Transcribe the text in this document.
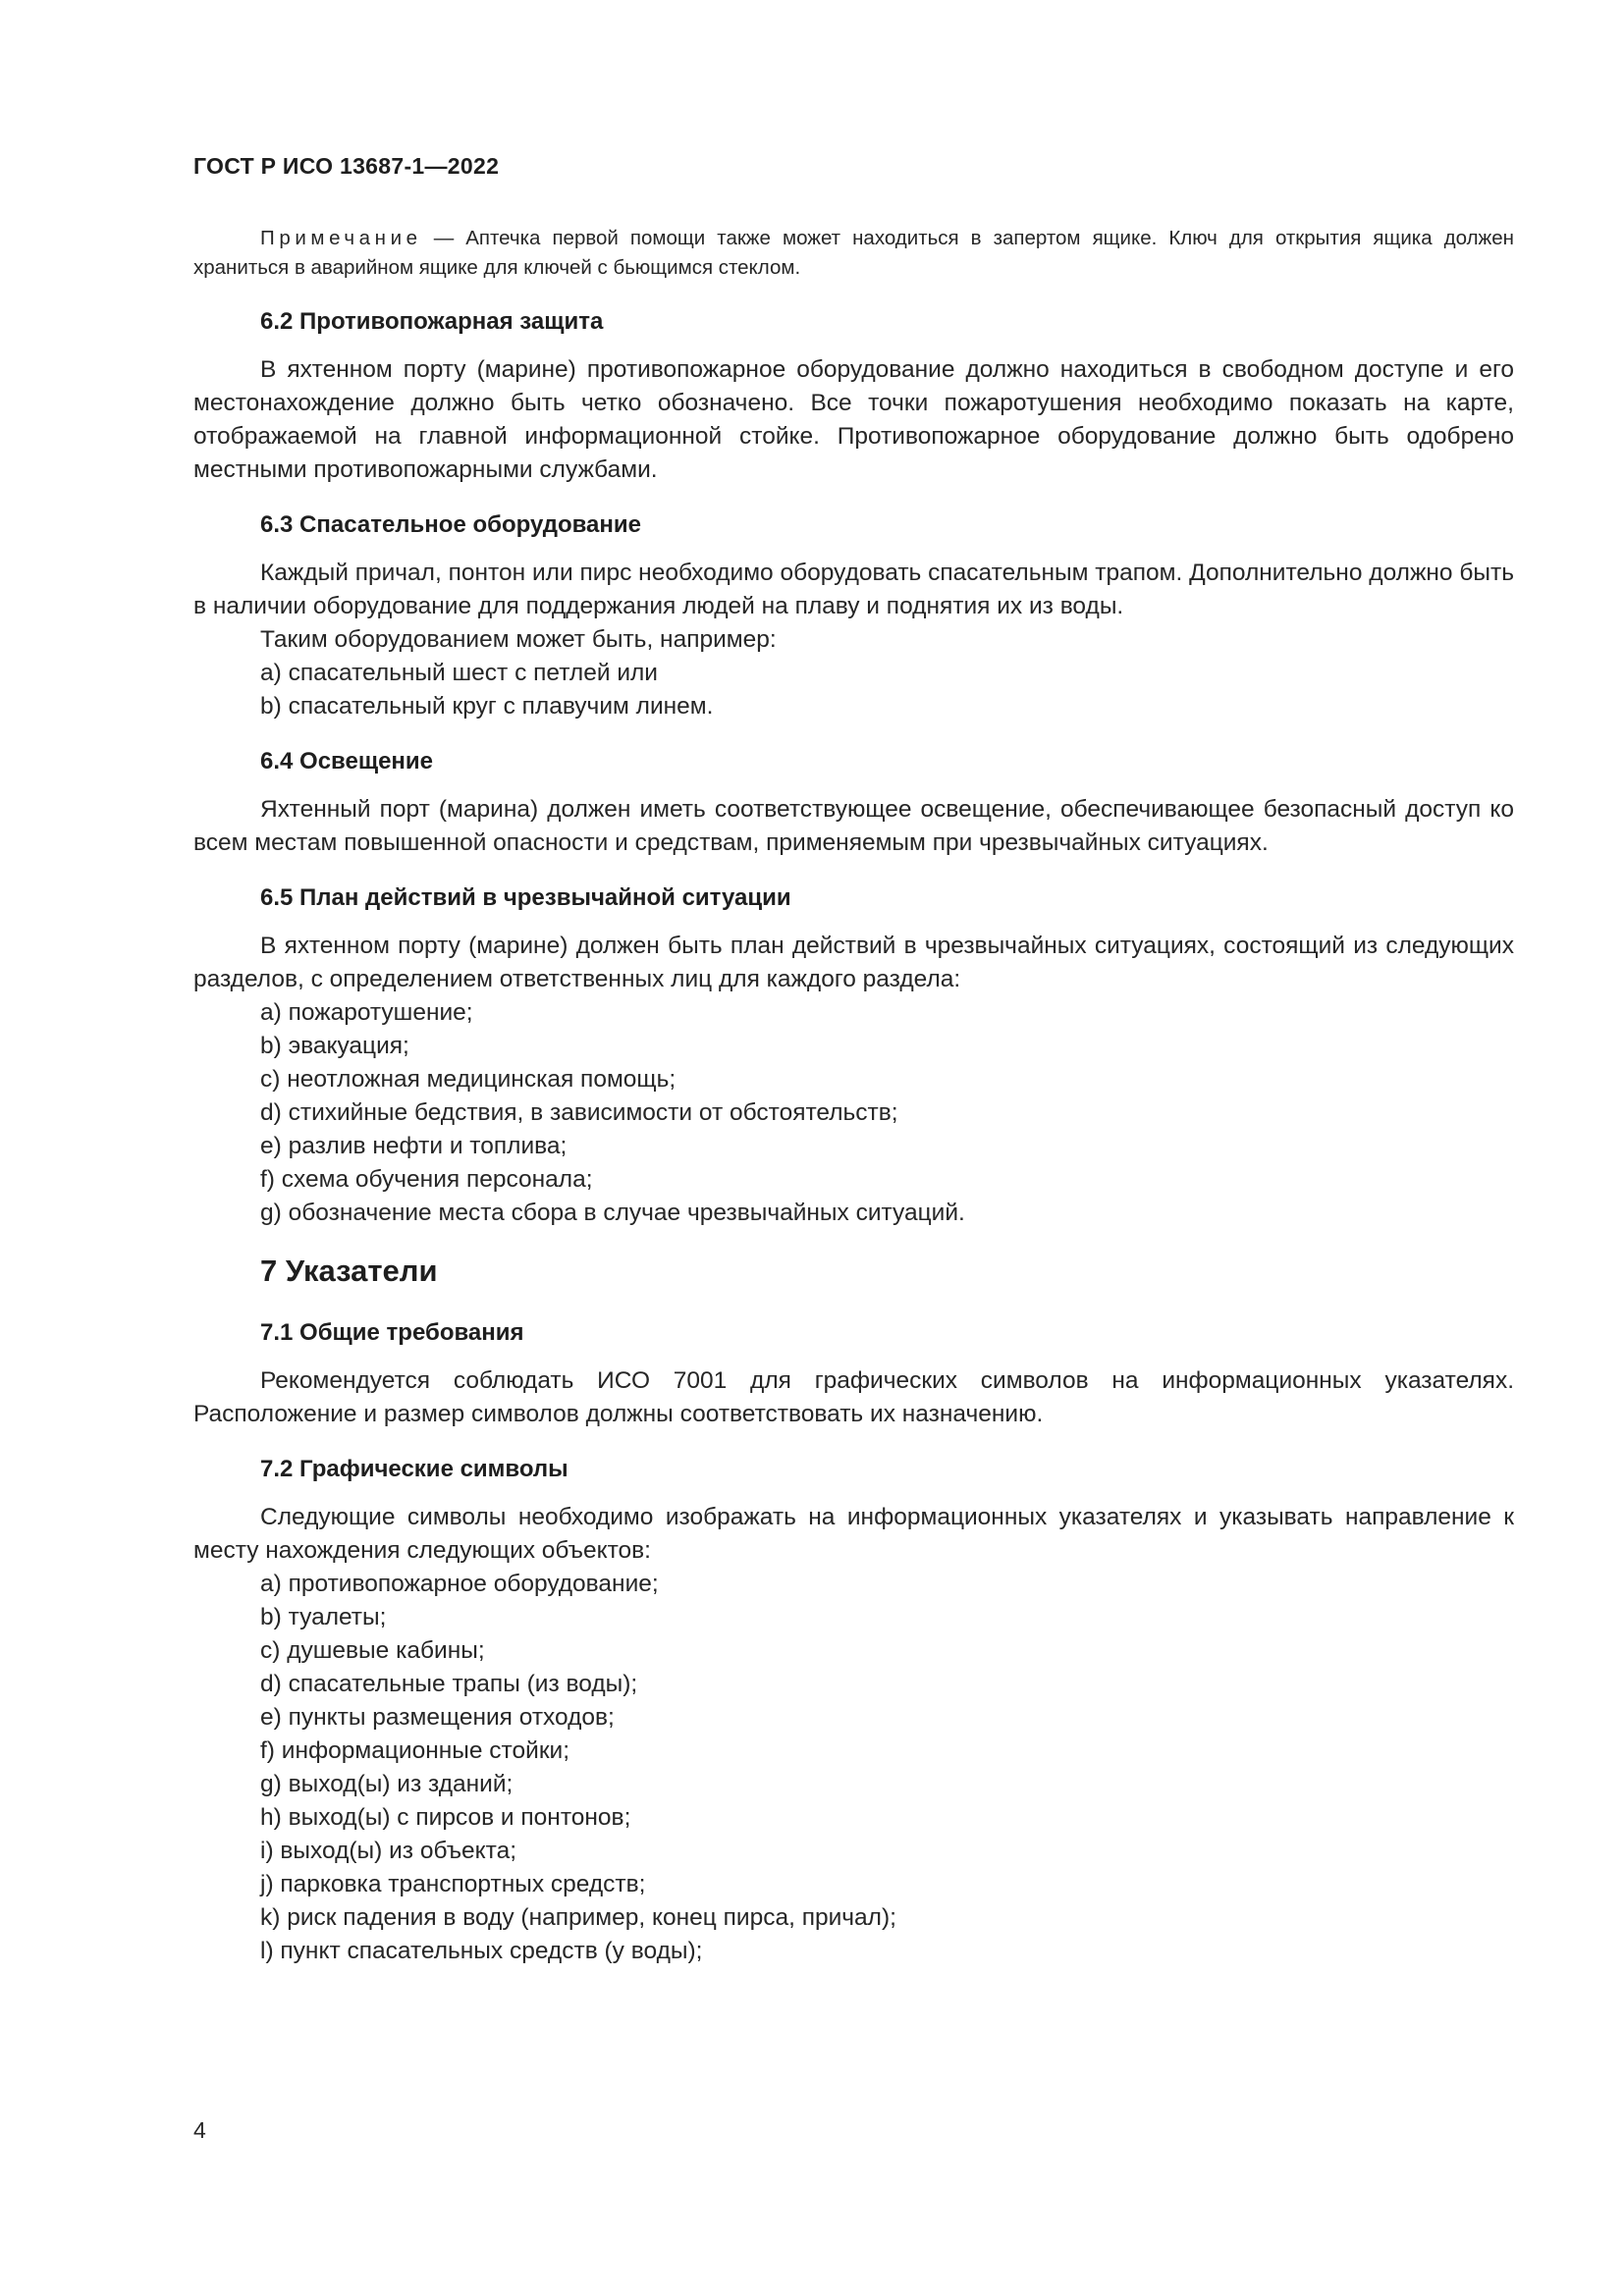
ГОСТ Р ИСО 13687-1—2022

Примечание — Аптечка первой помощи также может находиться в запертом ящике. Ключ для открытия ящика должен храниться в аварийном ящике для ключей с бьющимся стеклом.

6.2 Противопожарная защита

В яхтенном порту (марине) противопожарное оборудование должно находиться в свободном доступе и его местонахождение должно быть четко обозначено. Все точки пожаротушения необходимо показать на карте, отображаемой на главной информационной стойке. Противопожарное оборудование должно быть одобрено местными противопожарными службами.

6.3 Спасательное оборудование

Каждый причал, понтон или пирс необходимо оборудовать спасательным трапом. Дополнительно должно быть в наличии оборудование для поддержания людей на плаву и поднятия их из воды.

Таким оборудованием может быть, например:

a) спасательный шест с петлей или
b) спасательный круг с плавучим линем.
6.4 Освещение

Яхтенный порт (марина) должен иметь соответствующее освещение, обеспечивающее безопасный доступ ко всем местам повышенной опасности и средствам, применяемым при чрезвычайных ситуациях.

6.5 План действий в чрезвычайной ситуации

В яхтенном порту (марине) должен быть план действий в чрезвычайных ситуациях, состоящий из следующих разделов, с определением ответственных лиц для каждого раздела:

a) пожаротушение;
b) эвакуация;
c) неотложная медицинская помощь;
d) стихийные бедствия, в зависимости от обстоятельств;
e) разлив нефти и топлива;
f) схема обучения персонала;
g) обозначение места сбора в случае чрезвычайных ситуаций.
7 Указатели
7.1 Общие требования

Рекомендуется соблюдать ИСО 7001 для графических символов на информационных указателях. Расположение и размер символов должны соответствовать их назначению.

7.2 Графические символы

Следующие символы необходимо изображать на информационных указателях и указывать направление к месту нахождения следующих объектов:

a) противопожарное оборудование;
b) туалеты;
c) душевые кабины;
d) спасательные трапы (из воды);
e) пункты размещения отходов;
f) информационные стойки;
g) выход(ы) из зданий;
h) выход(ы) с пирсов и понтонов;
i) выход(ы) из объекта;
j) парковка транспортных средств;
k) риск падения в воду (например, конец пирса, причал);
l) пункт спасательных средств (у воды);
4
